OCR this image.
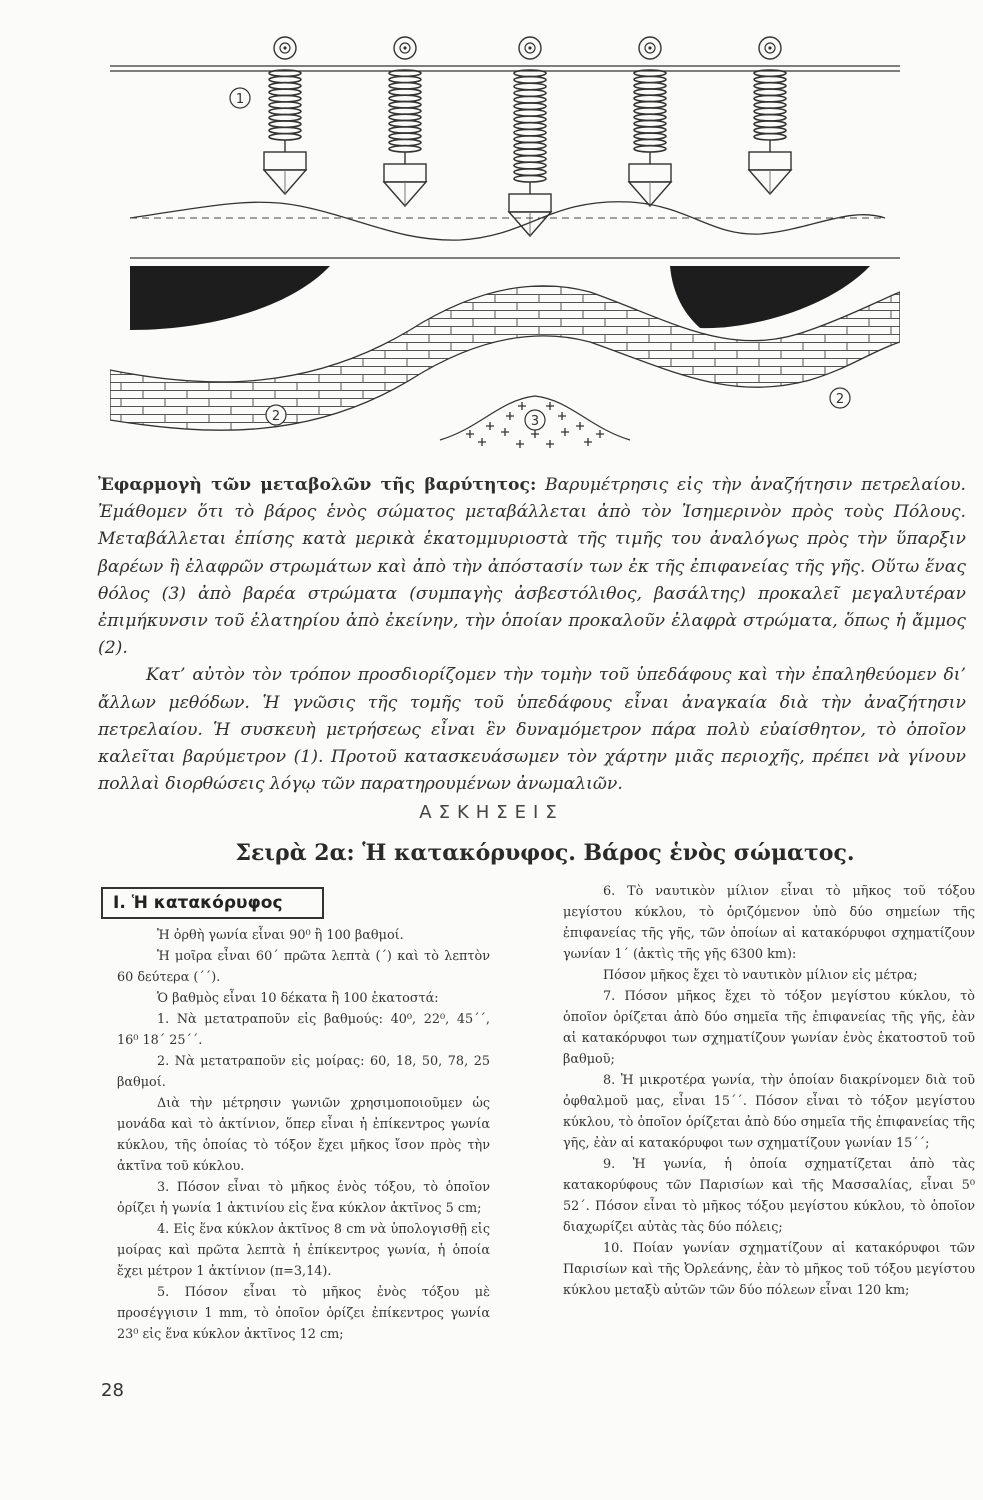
1
2
2
3

Ἐφαρμογὴ τῶν μεταβολῶν τῆς βαρύτητος: Βαρυμέτρησις εἰς τὴν ἀναζήτησιν πετρελαίου. Ἐμάθομεν ὅτι τὸ βάρος ἑνὸς σώματος μεταβάλλεται ἀπὸ τὸν Ἰσημερινὸν πρὸς τοὺς Πόλους. Μεταβάλλεται ἐπίσης κατὰ μερικὰ ἑκατομμυριοστὰ τῆς τιμῆς του ἀναλόγως πρὸς τὴν ὕπαρξιν βαρέων ἢ ἐλαφρῶν στρωμάτων καὶ ἀπὸ τὴν ἀπόστασίν των ἐκ τῆς ἐπιφανείας τῆς γῆς. Οὕτω ἕνας θόλος (3) ἀπὸ βαρέα στρώματα (συμπαγὴς ἀσβεστόλιθος, βασάλτης) προκαλεῖ μεγαλυτέραν ἐπιμήκυνσιν τοῦ ἐλατηρίου ἀπὸ ἐκείνην, τὴν ὁποίαν προκαλοῦν ἐλαφρὰ στρώματα, ὅπως ἡ ἄμμος (2).

Κατ’ αὐτὸν τὸν τρόπον προσδιορίζομεν τὴν τομὴν τοῦ ὑπεδάφους καὶ τὴν ἐπαληθεύομεν δι’ ἄλλων μεθόδων. Ἡ γνῶσις τῆς τομῆς τοῦ ὑπεδάφους εἶναι ἀναγκαία διὰ τὴν ἀναζήτησιν πετρελαίου. Ἡ συσκευὴ μετρήσεως εἶναι ἓν δυναμόμετρον πάρα πολὺ εὐαίσθητον, τὸ ὁποῖον καλεῖται βαρύμετρον (1). Προτοῦ κατασκευάσωμεν τὸν χάρτην μιᾶς περιοχῆς, πρέπει νὰ γίνουν πολλαὶ διορθώσεις λόγῳ τῶν παρατηρουμένων ἀνωμαλιῶν.

ΑΣΚΗΣΕΙΣ
Σειρὰ 2α: Ἡ κατακόρυφος. Βάρος ἑνὸς σώματος.
I. Ἡ κατακόρυφος

Ἡ ὀρθὴ γωνία εἶναι 90⁰ ἢ 100 βαθμοί.

Ἡ μοῖρα εἶναι 60΄ πρῶτα λεπτὰ (΄) καὶ τὸ λεπτὸν 60 δεύτερα (΄΄).

Ὁ βαθμὸς εἶναι 10 δέκατα ἢ 100 ἑκατοστά:

1. Νὰ μετατραποῦν εἰς βαθμούς: 40⁰, 22⁰, 45΄΄, 16⁰ 18΄ 25΄΄.

2. Νὰ μετατραποῦν εἰς μοίρας: 60, 18, 50, 78, 25 βαθμοί.

Διὰ τὴν μέτρησιν γωνιῶν χρησιμοποιοῦμεν ὡς μονάδα καὶ τὸ ἀκτίνιον, ὅπερ εἶναι ἡ ἐπίκεντρος γωνία κύκλου, τῆς ὁποίας τὸ τόξον ἔχει μῆκος ἴσον πρὸς τὴν ἀκτῖνα τοῦ κύκλου.

3. Πόσον εἶναι τὸ μῆκος ἑνὸς τόξου, τὸ ὁποῖον ὁρίζει ἡ γωνία 1 ἀκτινίου εἰς ἕνα κύκλον ἀκτῖνος 5 cm;

4. Εἰς ἕνα κύκλον ἀκτῖνος 8 cm νὰ ὑπολογισθῇ εἰς μοίρας καὶ πρῶτα λεπτὰ ἡ ἐπίκεντρος γωνία, ἡ ὁποία ἔχει μέτρον 1 ἀκτίνιον (π=3,14).

5. Πόσον εἶναι τὸ μῆκος ἑνὸς τόξου μὲ προσέγγισιν 1 mm, τὸ ὁποῖον ὁρίζει ἐπίκεντρος γωνία 23⁰ εἰς ἕνα κύκλον ἀκτῖνος 12 cm;

6. Τὸ ναυτικὸν μίλιον εἶναι τὸ μῆκος τοῦ τόξου μεγίστου κύκλου, τὸ ὁριζόμενον ὑπὸ δύο σημείων τῆς ἐπιφανείας τῆς γῆς, τῶν ὁποίων αἱ κατακόρυφοι σχηματίζουν γωνίαν 1΄ (ἀκτὶς τῆς γῆς 6300 km):

Πόσον μῆκος ἔχει τὸ ναυτικὸν μίλιον εἰς μέτρα;

7. Πόσον μῆκος ἔχει τὸ τόξον μεγίστου κύκλου, τὸ ὁποῖον ὁρίζεται ἀπὸ δύο σημεῖα τῆς ἐπιφανείας τῆς γῆς, ἐὰν αἱ κατακόρυφοι των σχηματίζουν γωνίαν ἑνὸς ἑκατοστοῦ τοῦ βαθμοῦ;

8. Ἡ μικροτέρα γωνία, τὴν ὁποίαν διακρίνομεν διὰ τοῦ ὀφθαλμοῦ μας, εἶναι 15΄΄. Πόσον εἶναι τὸ τόξον μεγίστου κύκλου, τὸ ὁποῖον ὁρίζεται ἀπὸ δύο σημεῖα τῆς ἐπιφανείας τῆς γῆς, ἐὰν αἱ κατακόρυφοι των σχηματίζουν γωνίαν 15΄΄;

9. Ἡ γωνία, ἡ ὁποία σχηματίζεται ἀπὸ τὰς κατακορύφους τῶν Παρισίων καὶ τῆς Μασσαλίας, εἶναι 5⁰ 52΄. Πόσον εἶναι τὸ μῆκος τόξου μεγίστου κύκλου, τὸ ὁποῖον διαχωρίζει αὐτὰς τὰς δύο πόλεις;

10. Ποίαν γωνίαν σχηματίζουν αἱ κατακόρυφοι τῶν Παρισίων καὶ τῆς Ὀρλεάνης, ἐὰν τὸ μῆκος τοῦ τόξου μεγίστου κύκλου μεταξὺ αὐτῶν τῶν δύο πόλεων εἶναι 120 km;

28
